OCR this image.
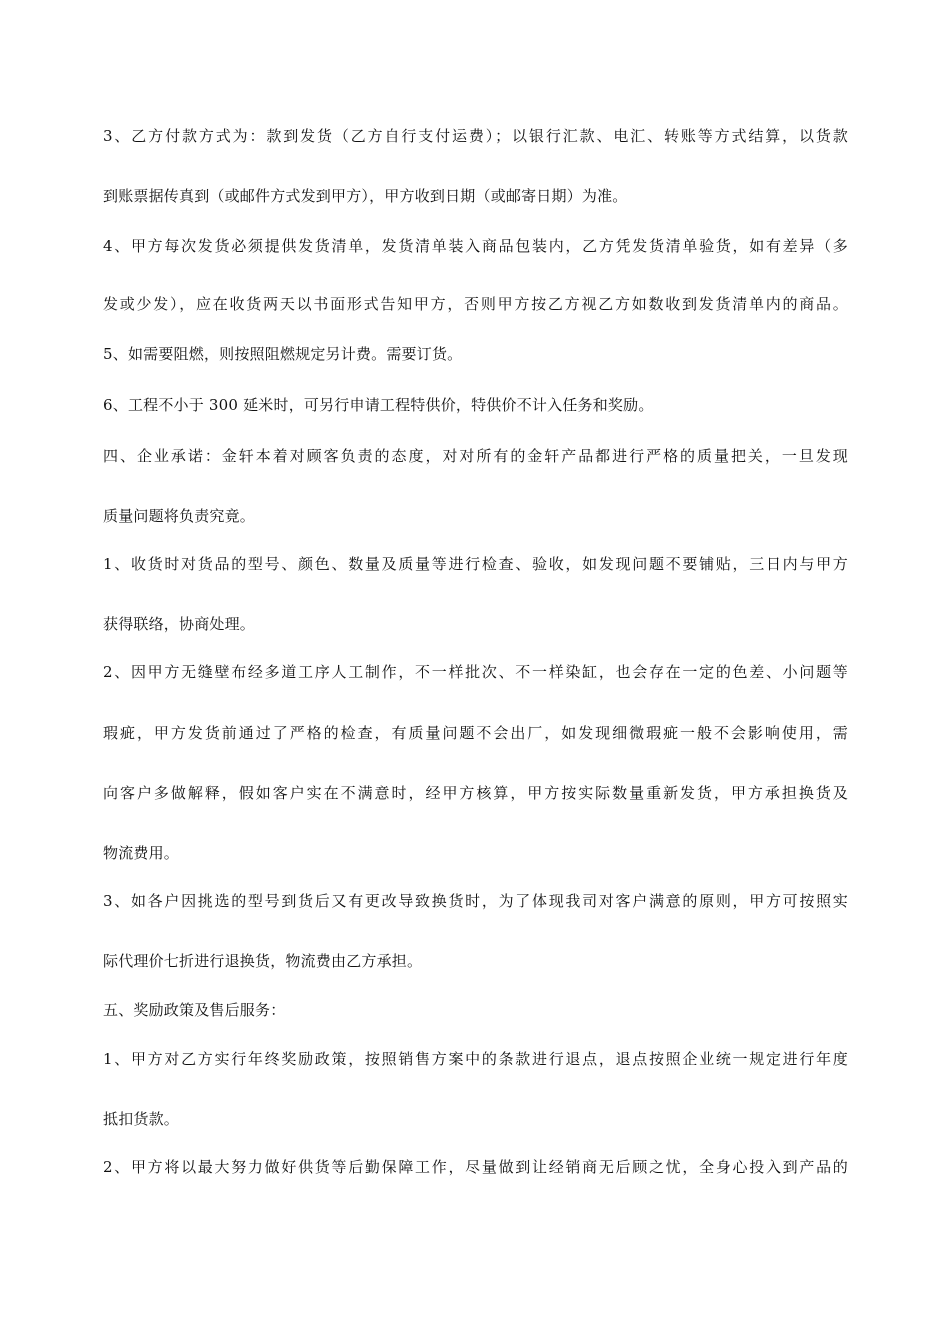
3、乙方付款方式为：款到发货（乙方自行支付运费）；以银行汇款、电汇、转账等方式结算，以货款
到账票据传真到（或邮件方式发到甲方），甲方收到日期（或邮寄日期）为准。
4、甲方每次发货必须提供发货清单，发货清单装入商品包装内，乙方凭发货清单验货，如有差异（多
发或少发），应在收货两天以书面形式告知甲方，否则甲方按乙方视乙方如数收到发货清单内的商品。
5、如需要阻燃，则按照阻燃规定另计费。需要订货。
6、工程不小于 300 延米时，可另行申请工程特供价，特供价不计入任务和奖励。
四、企业承诺：金轩本着对顾客负责的态度，对对所有的金轩产品都进行严格的质量把关，一旦发现
质量问题将负责究竟。
1、收货时对货品的型号、颜色、数量及质量等进行检查、验收，如发现问题不要铺贴，三日内与甲方
获得联络，协商处理。
2、因甲方无缝壁布经多道工序人工制作，不一样批次、不一样染缸，也会存在一定的色差、小问题等
瑕疵，甲方发货前通过了严格的检查，有质量问题不会出厂，如发现细微瑕疵一般不会影响使用，需
向客户多做解释，假如客户实在不满意时，经甲方核算，甲方按实际数量重新发货，甲方承担换货及
物流费用。
3、如各户因挑选的型号到货后又有更改导致换货时，为了体现我司对客户满意的原则，甲方可按照实
际代理价七折进行退换货，物流费由乙方承担。
五、奖励政策及售后服务：
1、甲方对乙方实行年终奖励政策，按照销售方案中的条款进行退点，退点按照企业统一规定进行年度
抵扣货款。
2、甲方将以最大努力做好供货等后勤保障工作，尽量做到让经销商无后顾之忧，全身心投入到产品的
